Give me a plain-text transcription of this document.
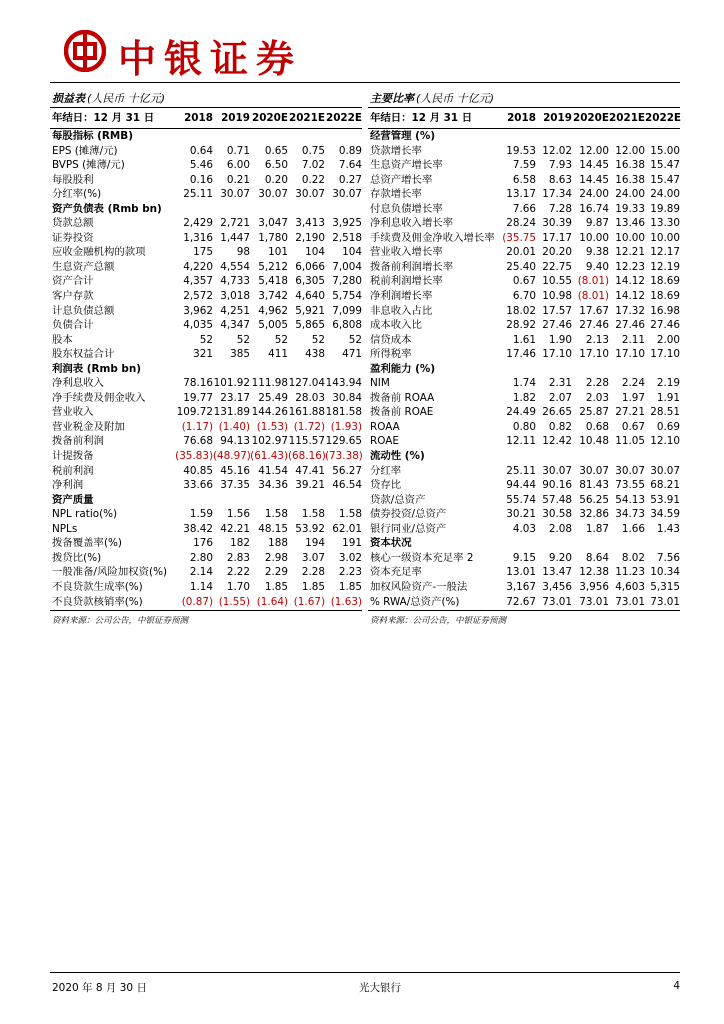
中银证券
损益表 (人民币 十亿元)
年结日：12 月 31 日	2018	2019	2020E	2021E	2022E
每股指标 (RMB)					
EPS (摊薄/元)	0.64	0.71	0.65	0.75	0.89
BVPS (摊薄/元)	5.46	6.00	6.50	7.02	7.64
每股股利	0.16	0.21	0.20	0.22	0.27
分红率(%)	25.11	30.07	30.07	30.07	30.07
资产负债表 (Rmb bn)					
贷款总额	2,429	2,721	3,047	3,413	3,925
证券投资	1,316	1,447	1,780	2,190	2,518
应收金融机构的款项	175	98	101	104	104
生息资产总额	4,220	4,554	5,212	6,066	7,004
资产合计	4,357	4,733	5,418	6,305	7,280
客户存款	2,572	3,018	3,742	4,640	5,754
计息负债总额	3,962	4,251	4,962	5,921	7,099
负债合计	4,035	4,347	5,005	5,865	6,808
股本	52	52	52	52	52
股东权益合计	321	385	411	438	471
利润表 (Rmb bn)					
净利息收入	78.16	101.92	111.98	127.04	143.94
净手续费及佣金收入	19.77	23.17	25.49	28.03	30.84
营业收入	109.72	131.89	144.26	161.88	181.58
营业税金及附加	(1.17)	(1.40)	(1.53)	(1.72)	(1.93)
拨备前利润	76.68	94.13	102.97	115.57	129.65
计提拨备	(35.83)	(48.97)	(61.43)	(68.16)	(73.38)
税前利润	40.85	45.16	41.54	47.41	56.27
净利润	33.66	37.35	34.36	39.21	46.54
资产质量					
NPL ratio(%)	1.59	1.56	1.58	1.58	1.58
NPLs	38.42	42.21	48.15	53.92	62.01
拨备覆盖率(%)	176	182	188	194	191
拨贷比(%)	2.80	2.83	2.98	3.07	3.02
一般准备/风险加权资(%)	2.14	2.22	2.29	2.28	2.23
不良贷款生成率(%)	1.14	1.70	1.85	1.85	1.85
不良贷款核销率(%)	(0.87)	(1.55)	(1.64)	(1.67)	(1.63)
资料来源：公司公告，中银证券预测
主要比率 (人民币 十亿元)
年结日：12 月 31 日	2018	2019	2020E	2021E	2022E
经营管理 (%)					
贷款增长率	19.53	12.02	12.00	12.00	15.00
生息资产增长率	7.59	7.93	14.45	16.38	15.47
总资产增长率	6.58	8.63	14.45	16.38	15.47
存款增长率	13.17	17.34	24.00	24.00	24.00
付息负债增长率	7.66	7.28	16.74	19.33	19.89
净利息收入增长率	28.24	30.39	9.87	13.46	13.30
手续费及佣金净收入增长率	(35.75	17.17	10.00	10.00	10.00
营业收入增长率	20.01	20.20	9.38	12.21	12.17
拨备前利润增长率	25.40	22.75	9.40	12.23	12.19
税前利润增长率	0.67	10.55	(8.01)	14.12	18.69
净利润增长率	6.70	10.98	(8.01)	14.12	18.69
非息收入占比	18.02	17.57	17.67	17.32	16.98
成本收入比	28.92	27.46	27.46	27.46	27.46
信贷成本	1.61	1.90	2.13	2.11	2.00
所得税率	17.46	17.10	17.10	17.10	17.10
盈利能力 (%)					
NIM	1.74	2.31	2.28	2.24	2.19
拨备前 ROAA	1.82	2.07	2.03	1.97	1.91
拨备前 ROAE	24.49	26.65	25.87	27.21	28.51
ROAA	0.80	0.82	0.68	0.67	0.69
ROAE	12.11	12.42	10.48	11.05	12.10
流动性 (%)					
分红率	25.11	30.07	30.07	30.07	30.07
贷存比	94.44	90.16	81.43	73.55	68.21
贷款/总资产	55.74	57.48	56.25	54.13	53.91
债券投资/总资产	30.21	30.58	32.86	34.73	34.59
银行同业/总资产	4.03	2.08	1.87	1.66	1.43
资本状况					
核心一级资本充足率 2	9.15	9.20	8.64	8.02	7.56
资本充足率	13.01	13.47	12.38	11.23	10.34
加权风险资产-一般法	3,167	3,456	3,956	4,603	5,315
% RWA/总资产(%)	72.67	73.01	73.01	73.01	73.01
资料来源：公司公告，中银证券预测
2020 年 8 月 30 日	光大银行	4
